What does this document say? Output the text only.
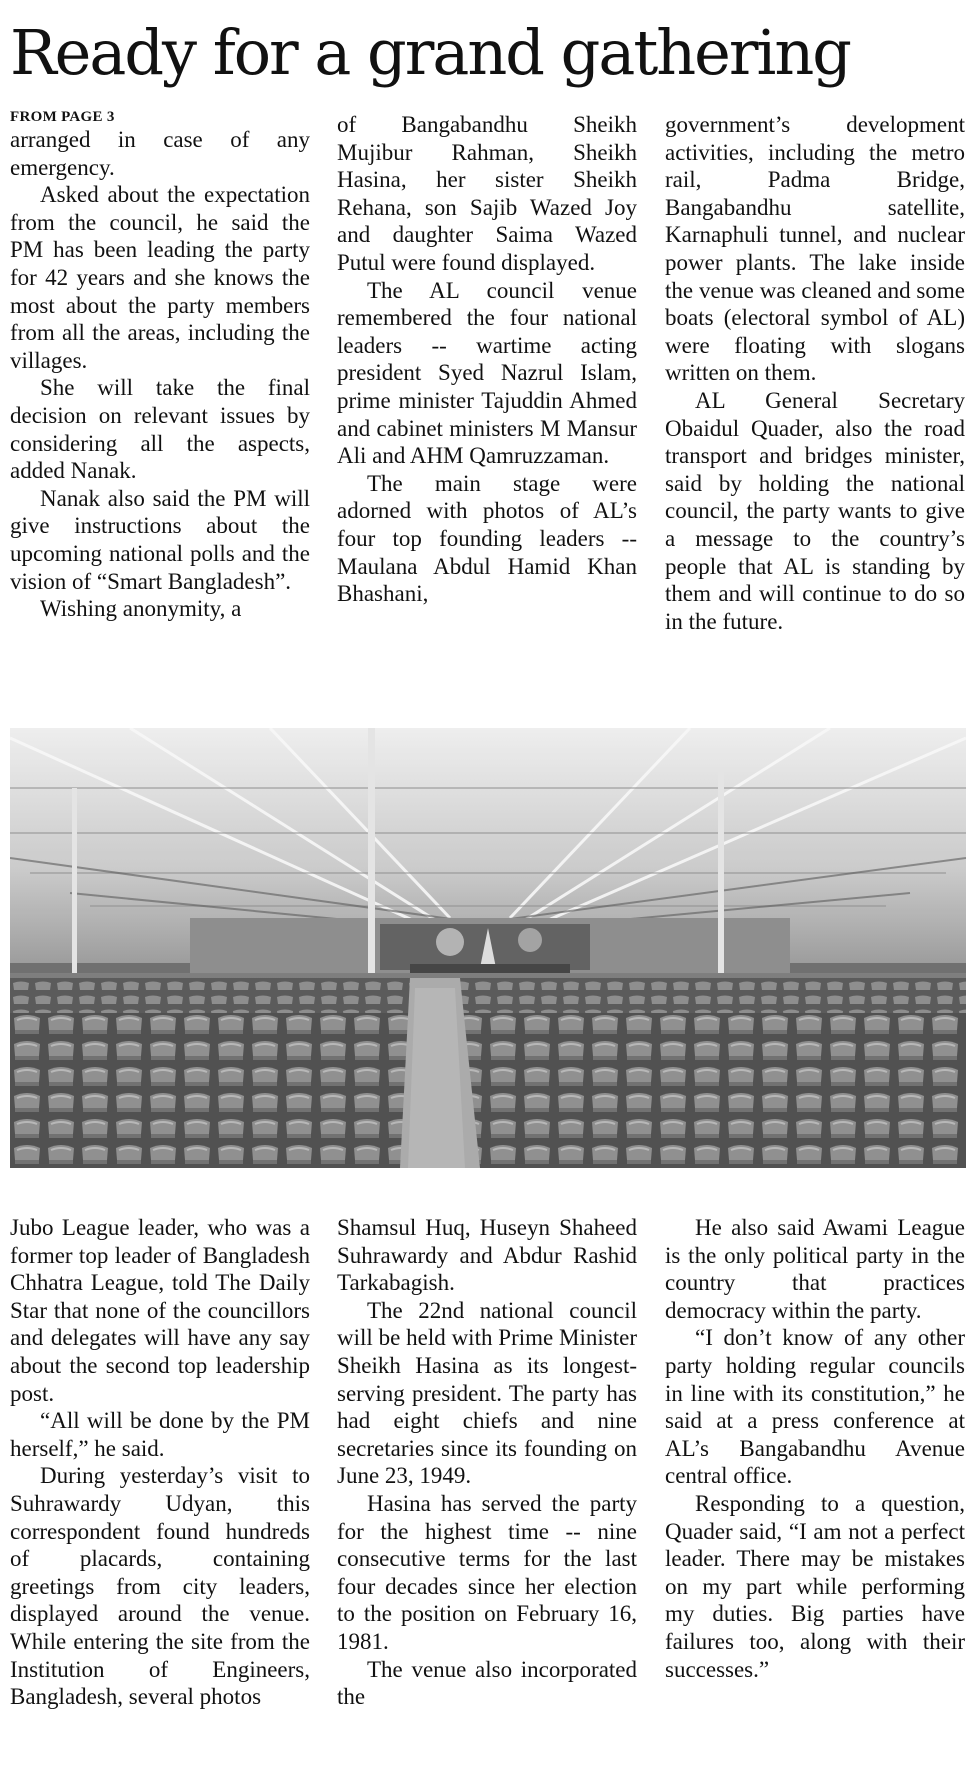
Ready for a grand gathering
FROM PAGE 3

arranged in case of any emergency.

Asked about the expectation from the council, he said the PM has been leading the party for 42 years and she knows the most about the party members from all the areas, including the villages.

She will take the final decision on relevant issues by considering all the aspects, added Nanak.

Nanak also said the PM will give instructions about the upcoming national polls and the vision of “Smart Bangladesh”.

Wishing anonymity, a

of Bangabandhu Sheikh Mujibur Rahman, Sheikh Hasina, her sister Sheikh Rehana, son Sajib Wazed Joy and daughter Saima Wazed Putul were found displayed.

The AL council venue remembered the four national leaders -- wartime acting president Syed Nazrul Islam, prime minister Tajuddin Ahmed and cabinet ministers M Mansur Ali and AHM Qamruzzaman.

The main stage were adorned with photos of AL’s four top founding leaders -- Maulana Abdul Hamid Khan Bhashani,

government’s development activities, including the metro rail, Padma Bridge, Bangabandhu satellite, Karnaphuli tunnel, and nuclear power plants. The lake inside the venue was cleaned and some boats (electoral symbol of AL) were floating with slogans written on them.

AL General Secretary Obaidul Quader, also the road transport and bridges minister, said by holding the national council, the party wants to give a message to the country’s people that AL is standing by them and will continue to do so in the future.

Jubo League leader, who was a former top leader of Bangladesh Chhatra League, told The Daily Star that none of the councillors and delegates will have any say about the second top leadership post.

“All will be done by the PM herself,” he said.

During yesterday’s visit to Suhrawardy Udyan, this correspondent found hundreds of placards, containing greetings from city leaders, displayed around the venue. While entering the site from the Institution of Engineers, Bangladesh, several photos

Shamsul Huq, Huseyn Shaheed Suhrawardy and Abdur Rashid Tarkabagish.

The 22nd national council will be held with Prime Minister Sheikh Hasina as its longest-serving president. The party has had eight chiefs and nine secretaries since its founding on June 23, 1949.

Hasina has served the party for the highest time -- nine consecutive terms for the last four decades since her election to the position on February 16, 1981.

The venue also incorporated the

He also said Awami League is the only political party in the country that practices democracy within the party.

“I don’t know of any other party holding regular councils in line with its constitution,” he said at a press conference at AL’s Bangabandhu Avenue central office.

Responding to a question, Quader said, “I am not a perfect leader. There may be mistakes on my part while performing my duties. Big parties have failures too, along with their successes.”
